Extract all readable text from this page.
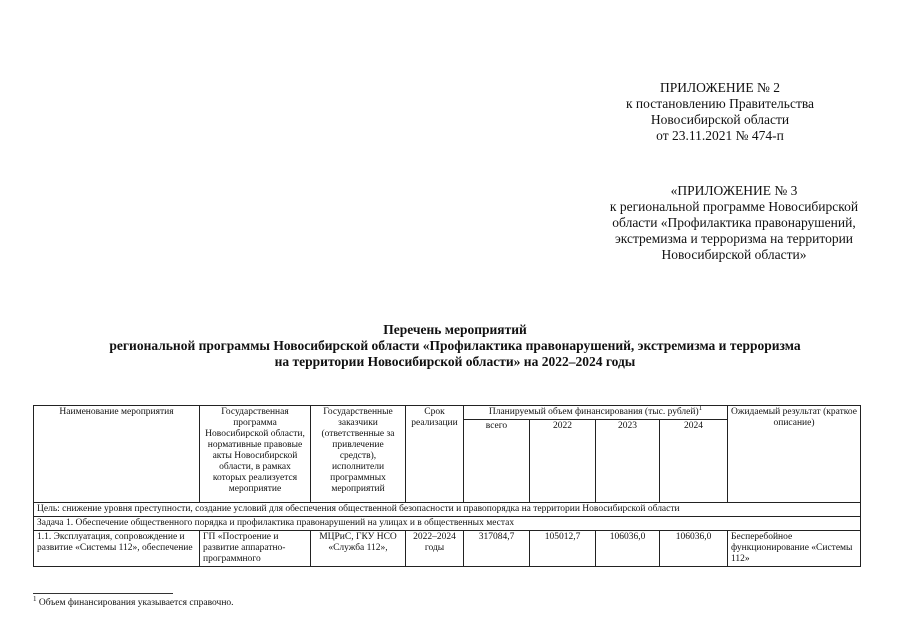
ПРИЛОЖЕНИЕ № 2
к постановлению Правительства
Новосибирской области
от 23.11.2021 № 474-п
«ПРИЛОЖЕНИЕ № 3
к региональной программе Новосибирской
области «Профилактика правонарушений,
экстремизма и терроризма на территории
Новосибирской области»
Перечень мероприятий
региональной программы Новосибирской области «Профилактика правонарушений, экстремизма и терроризма
на территории Новосибирской области» на 2022–2024 годы
Наименование мероприятия	Государственная программа Новосибирской области, нормативные правовые акты Новосибирской области, в рамках которых реализуется мероприятие	Государственные заказчики (ответственные за привлечение средств), исполнители программных мероприятий	Срок реализации	Планируемый объем финансирования (тыс. рублей)$^1$				Ожидаемый результат (краткое описание)
				всего	2022	2023	2024	
Цель: снижение уровня преступности, создание условий для обеспечения общественной безопасности и правопорядка на территории Новосибирской области								
Задача 1. Обеспечение общественного порядка и профилактика правонарушений на улицах и в общественных местах								
1.1. Эксплуатация, сопровождение и развитие «Системы 112», обеспечение	ГП «Построение и развитие аппаратно-программного	МЦРиС, ГКУ НСО «Служба 112»,	2022–2024 годы	317084,7	105012,7	106036,0	106036,0	Бесперебойное функционирование «Системы 112»
$^1$ Объем финансирования указывается справочно.
